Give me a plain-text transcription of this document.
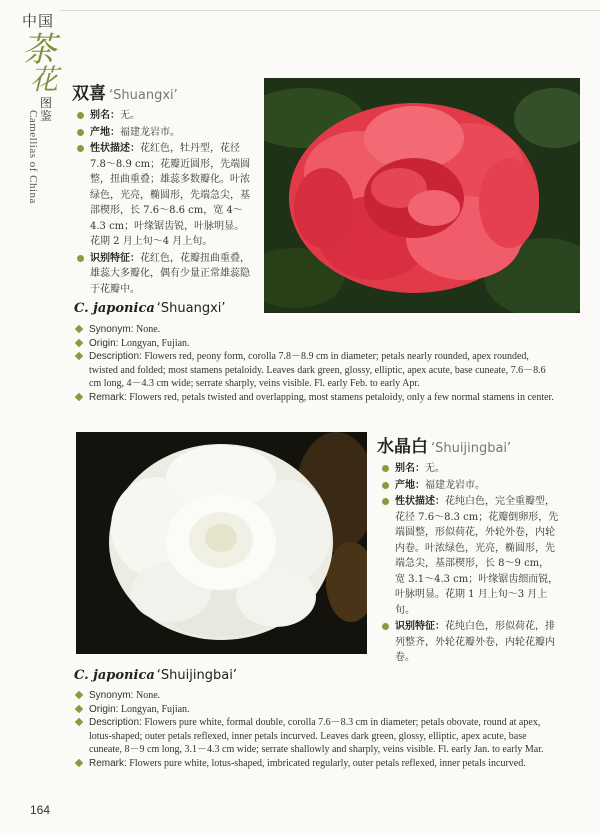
中国
茶
花
图鉴
Camellias of China
双喜 ‘Shuangxi’
别名：无。
产地：福建龙岩市。
性状描述：花红色，牡丹型，花径7.8～8.9 cm；花瓣近圆形，先端圆整，扭曲重叠；雄蕊多数瓣化。叶浓绿色，光亮，椭圆形，先端急尖，基部楔形，长 7.6～8.6 cm，宽 4～4.3 cm；叶缘锯齿锐，叶脉明显。花期 2 月上旬～4 月上旬。
识别特征：花红色，花瓣扭曲重叠，雄蕊大多瓣化，偶有少量正常雄蕊隐于花瓣中。
C. japonica ‘Shuangxi’
Synonym: None.
Origin: Longyan, Fujian.
Description: Flowers red, peony form, corolla 7.8－8.9 cm in diameter; petals nearly rounded, apex rounded, twisted and folded; most stamens petaloidy. Leaves dark green, glossy, elliptic, apex acute, base cuneate, 7.6－8.6 cm long, 4－4.3 cm wide; serrate sharply, veins visible. Fl. early Feb. to early Apr.
Remark: Flowers red, petals twisted and overlapping, most stamens petaloidy, only a few normal stamens in center.
水晶白 ‘Shuijingbai’
别名：无。
产地：福建龙岩市。
性状描述：花纯白色，完全重瓣型，花径 7.6～8.3 cm；花瓣倒卵形，先端圆整，形似荷花，外轮外卷，内轮内卷。叶浓绿色，光亮，椭圆形，先端急尖，基部楔形，长 8～9 cm，宽 3.1～4.3 cm；叶缘锯齿细而锐，叶脉明显。花期 1 月上旬～3 月上旬。
识别特征：花纯白色，形似荷花，排列整齐，外轮花瓣外卷，内轮花瓣内卷。
C. japonica ‘Shuijingbai’
Synonym: None.
Origin: Longyan, Fujian.
Description: Flowers pure white, formal double, corolla 7.6－8.3 cm in diameter; petals obovate, round at apex, lotus-shaped; outer petals reflexed, inner petals incurved. Leaves dark green, glossy, elliptic, apex acute, base cuneate, 8－9 cm long, 3.1－4.3 cm wide; serrate shallowly and sharply, veins visible. Fl. early Jan. to early Mar.
Remark: Flowers pure white, lotus-shaped, imbricated regularly, outer petals reflexed, inner petals incurved.
164
